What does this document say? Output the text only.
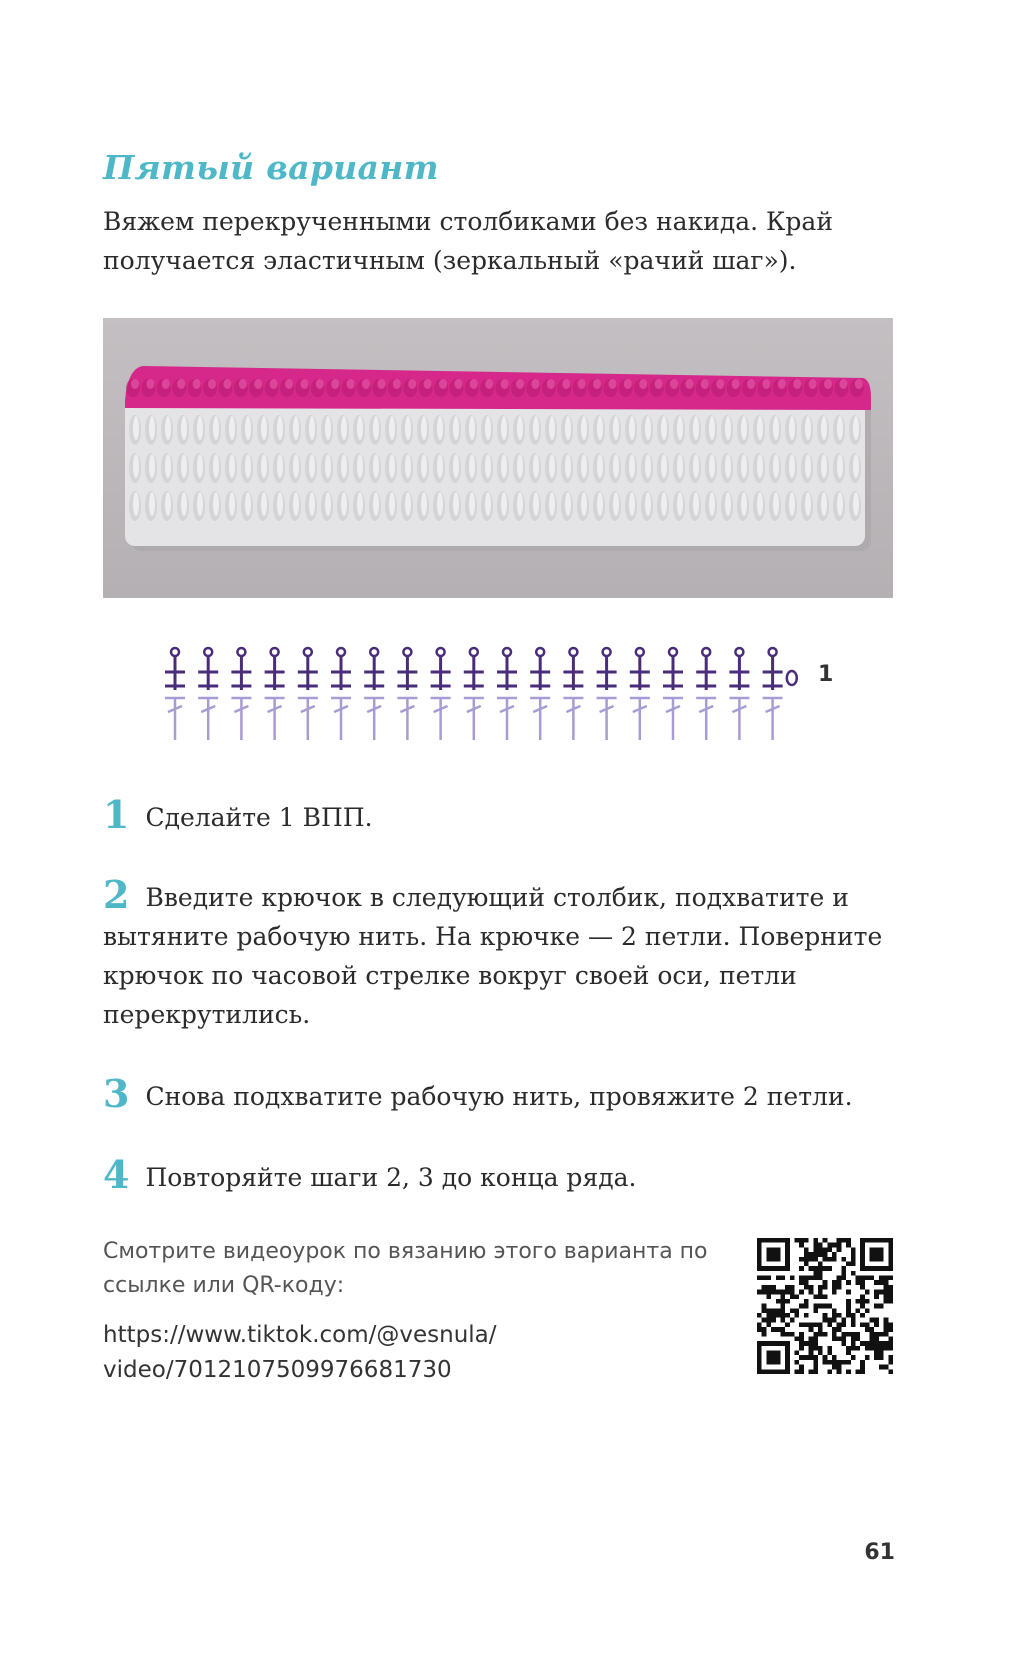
Пятый вариант
Вяжем перекрученными столбиками без накида. Край получается эластичным (зеркальный «рачий шаг»).
1
1 Сделайте 1 ВПП.
2 Введите крючок в следующий столбик, подхватите и вытяните рабочую нить. На крючке — 2 петли. Поверните крючок по часовой стрелке вокруг своей оси, петли перекрутились.
3 Снова подхватите рабочую нить, провяжите 2 петли.
4 Повторяйте шаги 2, 3 до конца ряда.
Смотрите видеоурок по вязанию этого варианта по ссылке или QR-коду:
https://www.tiktok.com/@vesnula/ video/7012107509976681730
61
